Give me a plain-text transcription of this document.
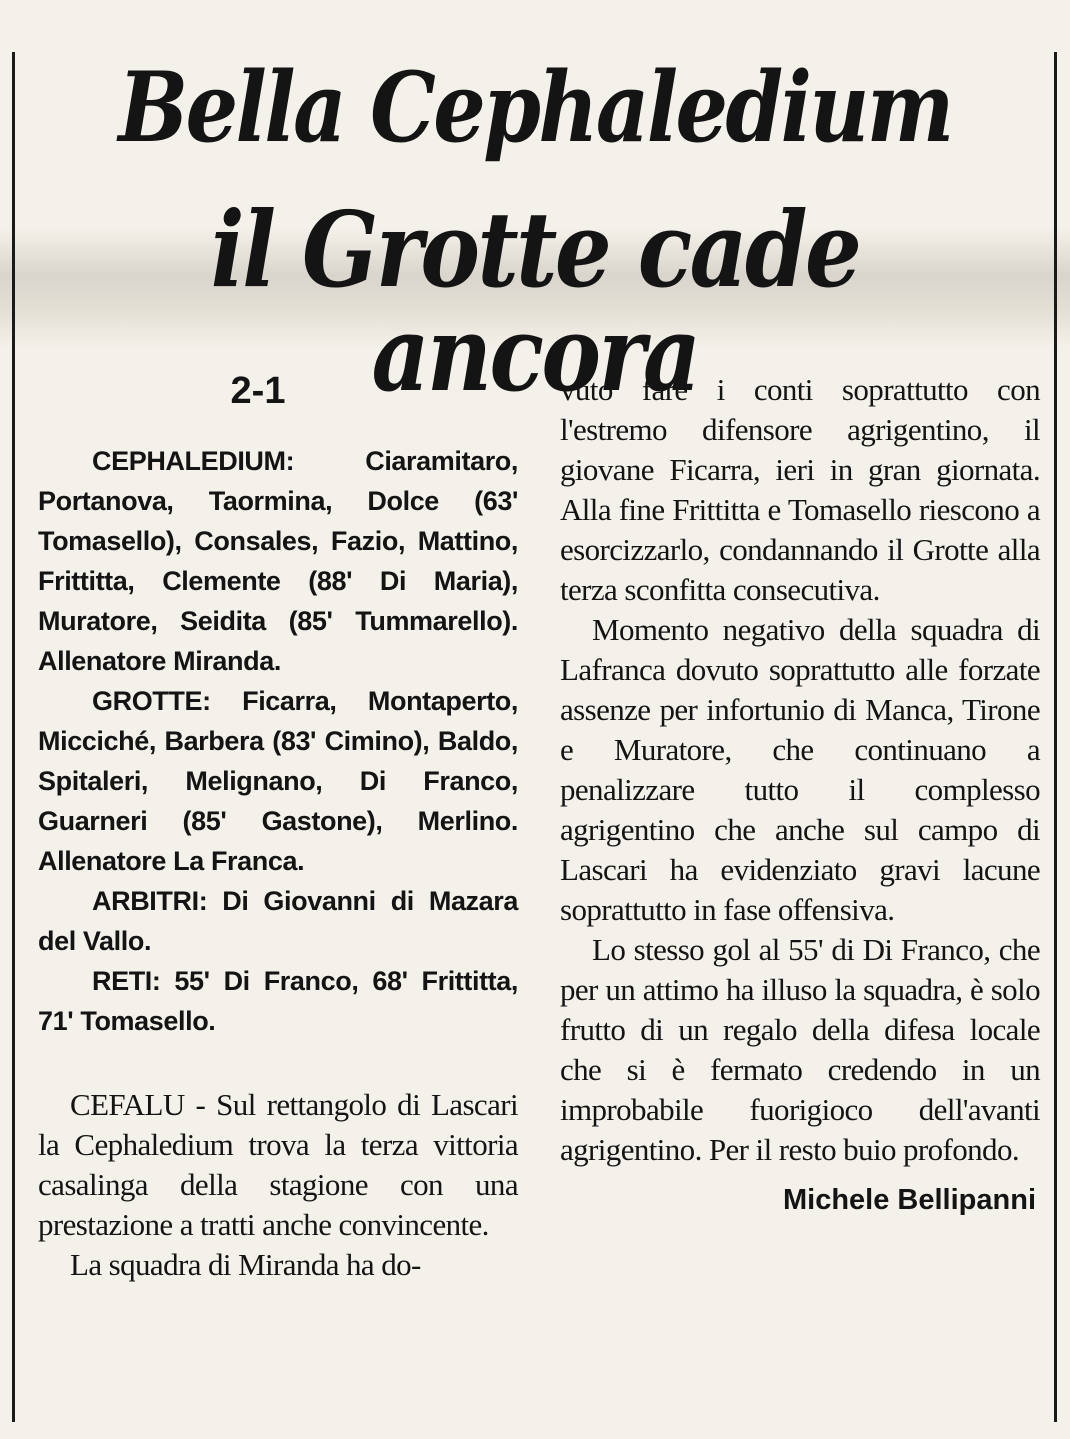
Bella Cephaledium
il Grotte cade ancora

2-1

CEPHALEDIUM: Ciaramitaro, Portanova, Taormina, Dolce (63' Tomasello), Consales, Fazio, Mattino, Frittitta, Clemente (88' Di Maria), Muratore, Seidita (85' Tummarello). Allenatore Miranda.

GROTTE: Ficarra, Montaperto, Micciché, Barbera (83' Cimino), Baldo, Spitaleri, Melignano, Di Franco, Guarneri (85' Gastone), Merlino. Allenatore La Franca.

ARBITRI: Di Giovanni di Mazara del Vallo.

RETI: 55' Di Franco, 68' Frittitta, 71' Tomasello.

CEFALU - Sul rettangolo di Lascari la Cephaledium trova la terza vittoria casalinga della stagione con una prestazione a tratti anche convincente.

La squadra di Miranda ha do-

vuto fare i conti soprattutto con l'estremo difensore agrigentino, il giovane Ficarra, ieri in gran giornata. Alla fine Frittitta e Tomasello riescono a esorcizzarlo, condannando il Grotte alla terza sconfitta consecutiva.

Momento negativo della squadra di Lafranca dovuto soprattutto alle forzate assenze per infortunio di Manca, Tirone e Muratore, che continuano a penalizzare tutto il complesso agrigentino che anche sul campo di Lascari ha evidenziato gravi lacune soprattutto in fase offensiva.

Lo stesso gol al 55' di Di Franco, che per un attimo ha illuso la squadra, è solo frutto di un regalo della difesa locale che si è fermato credendo in un improbabile fuorigioco dell'avanti agrigentino. Per il resto buio profondo.

Michele Bellipanni
